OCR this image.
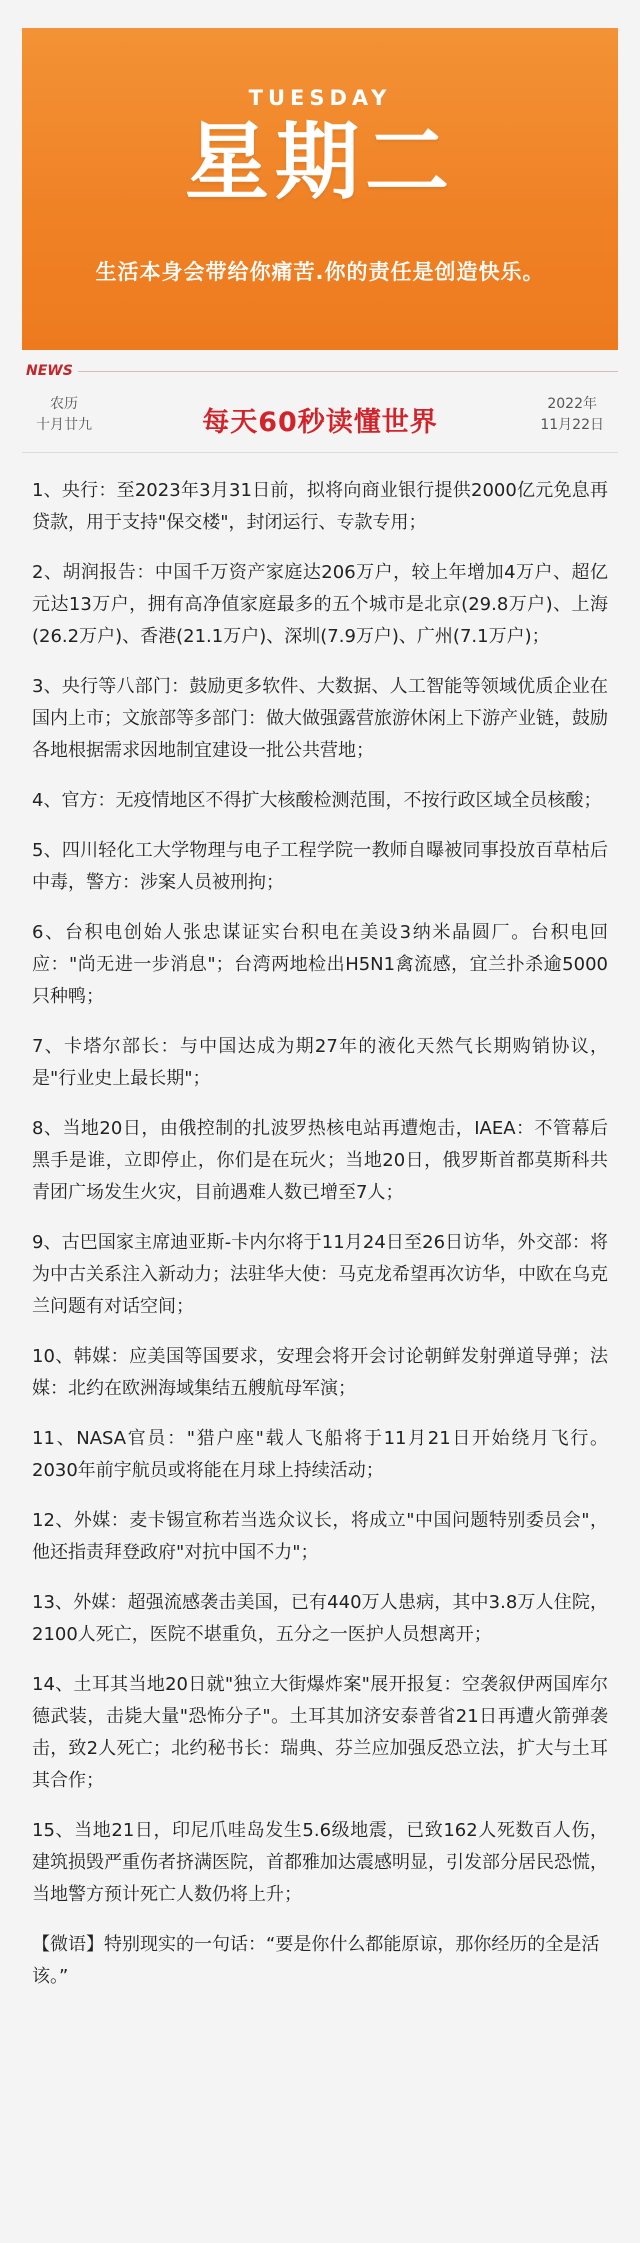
TUESDAY
星期二
生活本身会带给你痛苦.你的责任是创造快乐。
NEWS
农历
十月廿九	每天60秒读懂世界
2022年
11月22日

1、央行：至2023年3月31日前，拟将向商业银行提供2000亿元免息再贷款，用于支持"保交楼"，封闭运行、专款专用；

2、胡润报告：中国千万资产家庭达206万户，较上年增加4万户、超亿元达13万户，拥有高净值家庭最多的五个城市是北京(29.8万户)、上海(26.2万户)、香港(21.1万户)、深圳(7.9万户)、广州(7.1万户)；

3、央行等八部门：鼓励更多软件、大数据、人工智能等领域优质企业在国内上市；文旅部等多部门：做大做强露营旅游休闲上下游产业链，鼓励各地根据需求因地制宜建设一批公共营地；

4、官方：无疫情地区不得扩大核酸检测范围，不按行政区域全员核酸；

5、四川轻化工大学物理与电子工程学院一教师自曝被同事投放百草枯后中毒，警方：涉案人员被刑拘；

6、台积电创始人张忠谋证实台积电在美设3纳米晶圆厂。台积电回应："尚无进一步消息"；台湾两地检出H5N1禽流感，宜兰扑杀逾5000只种鸭；

7、卡塔尔部长：与中国达成为期27年的液化天然气长期购销协议，是"行业史上最长期"；

8、当地20日，由俄控制的扎波罗热核电站再遭炮击，IAEA：不管幕后黑手是谁，立即停止，你们是在玩火；当地20日，俄罗斯首都莫斯科共青团广场发生火灾，目前遇难人数已增至7人；

9、古巴国家主席迪亚斯-卡内尔将于11月24日至26日访华，外交部：将为中古关系注入新动力；法驻华大使：马克龙希望再次访华，中欧在乌克兰问题有对话空间；

10、韩媒：应美国等国要求，安理会将开会讨论朝鲜发射弹道导弹；法媒：北约在欧洲海域集结五艘航母军演；

11、NASA官员："猎户座"载人飞船将于11月21日开始绕月飞行。2030年前宇航员或将能在月球上持续活动；

12、外媒：麦卡锡宣称若当选众议长，将成立"中国问题特别委员会"，他还指责拜登政府"对抗中国不力"；

13、外媒：超强流感袭击美国，已有440万人患病，其中3.8万人住院，2100人死亡，医院不堪重负，五分之一医护人员想离开；

14、土耳其当地20日就"独立大街爆炸案"展开报复：空袭叙伊两国库尔德武装，击毙大量"恐怖分子"。土耳其加济安泰普省21日再遭火箭弹袭击，致2人死亡；北约秘书长：瑞典、芬兰应加强反恐立法，扩大与土耳其合作；

15、当地21日，印尼爪哇岛发生5.6级地震，已致162人死数百人伤，建筑损毁严重伤者挤满医院，首都雅加达震感明显，引发部分居民恐慌，当地警方预计死亡人数仍将上升；

【微语】特别现实的一句话：“要是你什么都能原谅，那你经历的全是活该。”
